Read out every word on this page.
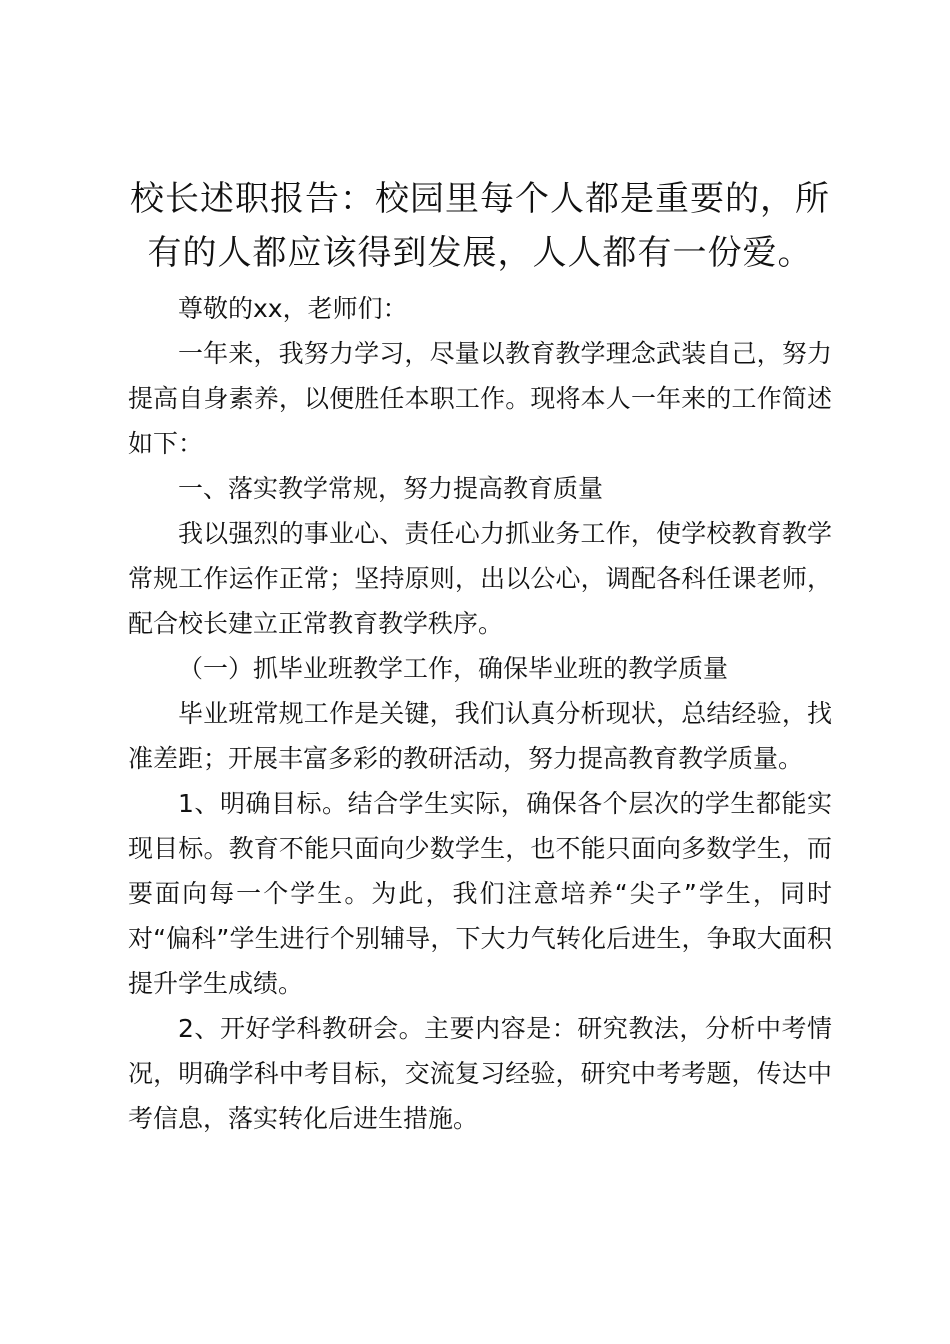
校长述职报告：校园里每个人都是重要的，所
有的人都应该得到发展，人人都有一份爱。

尊敬的xx，老师们：

一年来，我努力学习，尽量以教育教学理念武装自己，努力提高自身素养，以便胜任本职工作。现将本人一年来的工作简述如下：

一、落实教学常规，努力提高教育质量

我以强烈的事业心、责任心力抓业务工作，使学校教育教学常规工作运作正常；坚持原则，出以公心，调配各科任课老师，配合校长建立正常教育教学秩序。

（一）抓毕业班教学工作，确保毕业班的教学质量

毕业班常规工作是关键，我们认真分析现状，总结经验，找准差距；开展丰富多彩的教研活动，努力提高教育教学质量。

1、明确目标。结合学生实际，确保各个层次的学生都能实现目标。教育不能只面向少数学生，也不能只面向多数学生，而要面向每一个学生。为此，我们注意培养“尖子”学生，同时对“偏科”学生进行个别辅导，下大力气转化后进生，争取大面积提升学生成绩。

2、开好学科教研会。主要内容是：研究教法，分析中考情况，明确学科中考目标，交流复习经验，研究中考考题，传达中考信息，落实转化后进生措施。
